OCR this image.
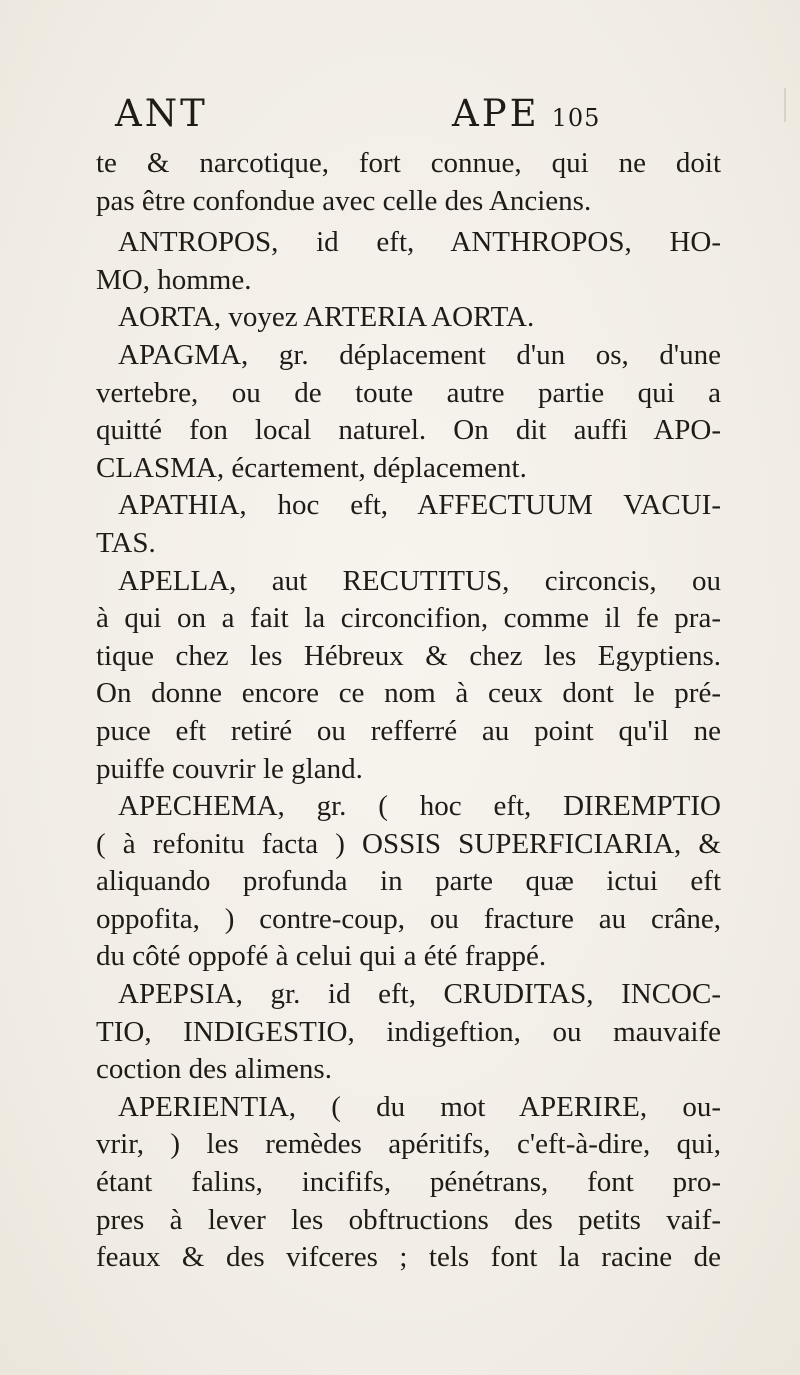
ANT	APE 105
te & narcotique, fort connue, qui ne doit
pas être confondue avec celle des Anciens.
ANTROPOS, id eft, ANTHROPOS, HO-
MO, homme.
AORTA, voyez ARTERIA AORTA.
APAGMA, gr. déplacement d'un os, d'une
vertebre, ou de toute autre partie qui a
quitté fon local naturel. On dit auffi APO-
CLASMA, écartement, déplacement.
APATHIA, hoc eft, AFFECTUUM VACUI-
TAS.
APELLA, aut RECUTITUS, circoncis, ou
à qui on a fait la circoncifion, comme il fe pra-
tique chez les Hébreux & chez les Egyptiens.
On donne encore ce nom à ceux dont le pré-
puce eft retiré ou refferré au point qu'il ne
puiffe couvrir le gland.
APECHEMA, gr. ( hoc eft, DIREMPTIO
( à refonitu facta ) OSSIS SUPERFICIARIA, &
aliquando profunda in parte quæ ictui eft
oppofita, ) contre-coup, ou fracture au crâne,
du côté oppofé à celui qui a été frappé.
APEPSIA, gr. id eft, CRUDITAS, INCOC-
TIO, INDIGESTIO, indigeftion, ou mauvaife
coction des alimens.
APERIENTIA, ( du mot APERIRE, ou-
vrir, ) les remèdes apéritifs, c'eft-à-dire, qui,
étant falins, incififs, pénétrans, font pro-
pres à lever les obftructions des petits vaif-
feaux & des vifceres ; tels font la racine de
